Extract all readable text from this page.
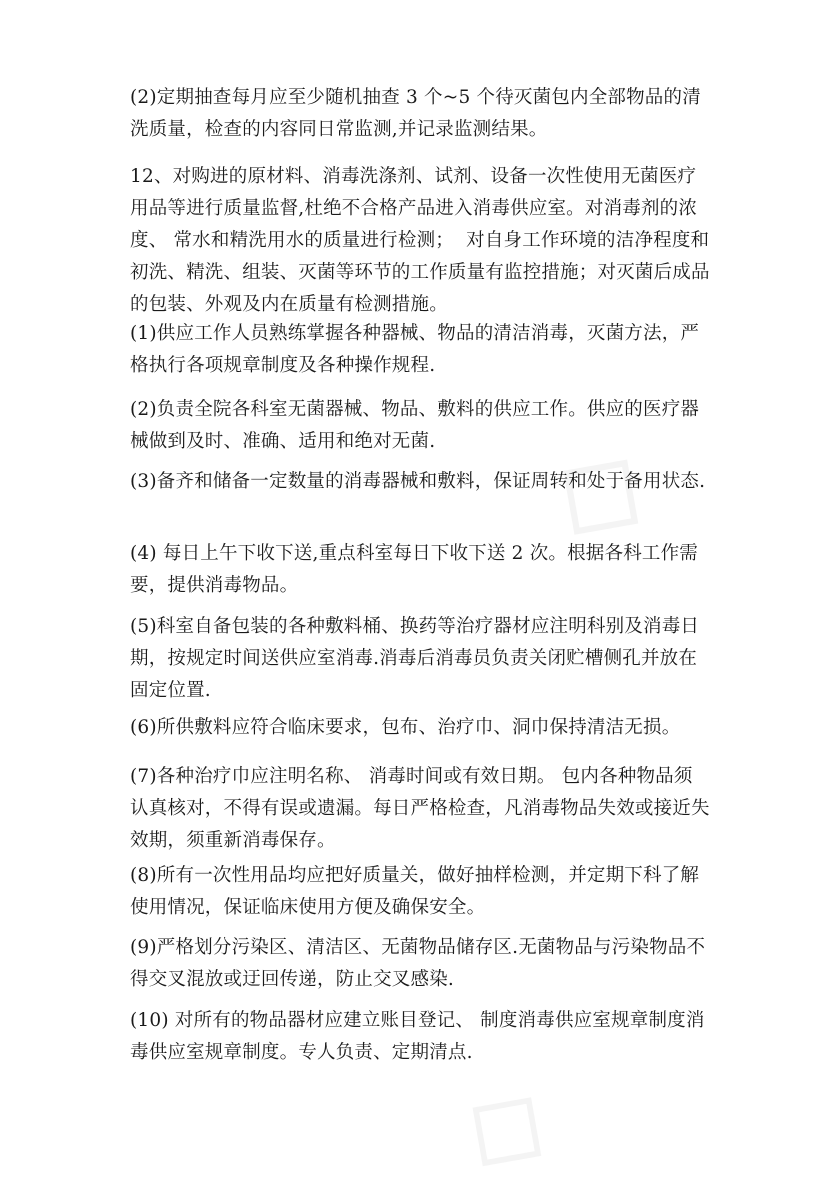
(2)定期抽查每月应至少随机抽查 3 个~5 个待灭菌包内全部物品的清洗质量，检查的内容同日常监测,并记录监测结果。
12、对购进的原材料、消毒洗涤剂、试剂、设备一次性使用无菌医疗用品等进行质量监督,杜绝不合格产品进入消毒供应室。对消毒剂的浓度、 常水和精洗用水的质量进行检测；  对自身工作环境的洁净程度和初洗、精洗、组装、灭菌等环节的工作质量有监控措施；对灭菌后成品的包装、外观及内在质量有检测措施。
(1)供应工作人员熟练掌握各种器械、物品的清洁消毒，灭菌方法，严格执行各项规章制度及各种操作规程.
(2)负责全院各科室无菌器械、物品、敷料的供应工作。供应的医疗器械做到及时、准确、适用和绝对无菌.
(3)备齐和储备一定数量的消毒器械和敷料，保证周转和处于备用状态.
(4) 每日上午下收下送,重点科室每日下收下送 2 次。根据各科工作需要，提供消毒物品。
(5)科室自备包装的各种敷料桶、换药等治疗器材应注明科别及消毒日期，按规定时间送供应室消毒.消毒后消毒员负责关闭贮槽侧孔并放在固定位置.
(6)所供敷料应符合临床要求，包布、治疗巾、洞巾保持清洁无损。
(7)各种治疗巾应注明名称、 消毒时间或有效日期。 包内各种物品须认真核对，不得有误或遗漏。每日严格检查，凡消毒物品失效或接近失效期，须重新消毒保存。
(8)所有一次性用品均应把好质量关，做好抽样检测，并定期下科了解使用情况，保证临床使用方便及确保安全。
(9)严格划分污染区、清洁区、无菌物品储存区.无菌物品与污染物品不得交叉混放或迂回传递，防止交叉感染.
(10) 对所有的物品器材应建立账目登记、 制度消毒供应室规章制度消毒供应室规章制度。专人负责、定期清点.
